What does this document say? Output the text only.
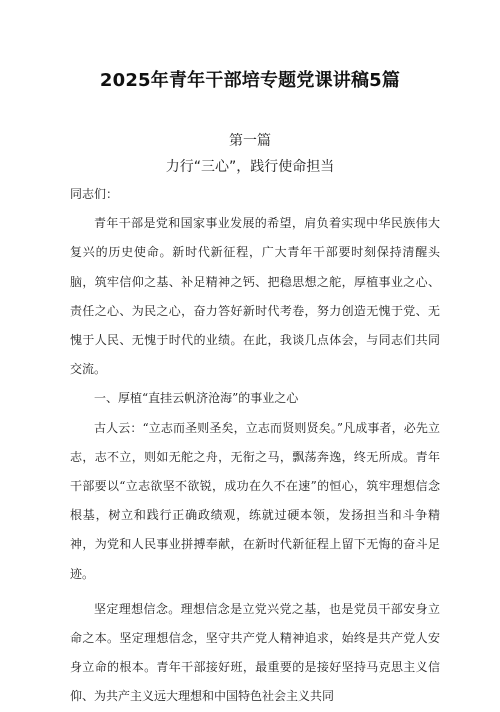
2025年青年干部培专题党课讲稿5篇
第一篇
力行“三心”，践行使命担当

同志们：

青年干部是党和国家事业发展的希望，肩负着实现中华民族伟大复兴的历史使命。新时代新征程，广大青年干部要时刻保持清醒头脑，筑牢信仰之基、补足精神之钙、把稳思想之舵，厚植事业之心、责任之心、为民之心，奋力答好新时代考卷，努力创造无愧于党、无愧于人民、无愧于时代的业绩。在此，我谈几点体会，与同志们共同交流。

一、厚植“直挂云帆济沧海”的事业之心

古人云：“立志而圣则圣矣，立志而贤则贤矣。”凡成事者，必先立志，志不立，则如无舵之舟，无衔之马，飘荡奔逸，终无所成。青年干部要以“立志欲坚不欲锐，成功在久不在速”的恒心，筑牢理想信念根基，树立和践行正确政绩观，练就过硬本领，发扬担当和斗争精神，为党和人民事业拼搏奉献，在新时代新征程上留下无悔的奋斗足迹。

坚定理想信念。理想信念是立党兴党之基，也是党员干部安身立命之本。坚定理想信念，坚守共产党人精神追求，始终是共产党人安身立命的根本。青年干部接好班，最重要的是接好坚持马克思主义信仰、为共产主义远大理想和中国特色社会主义共同
